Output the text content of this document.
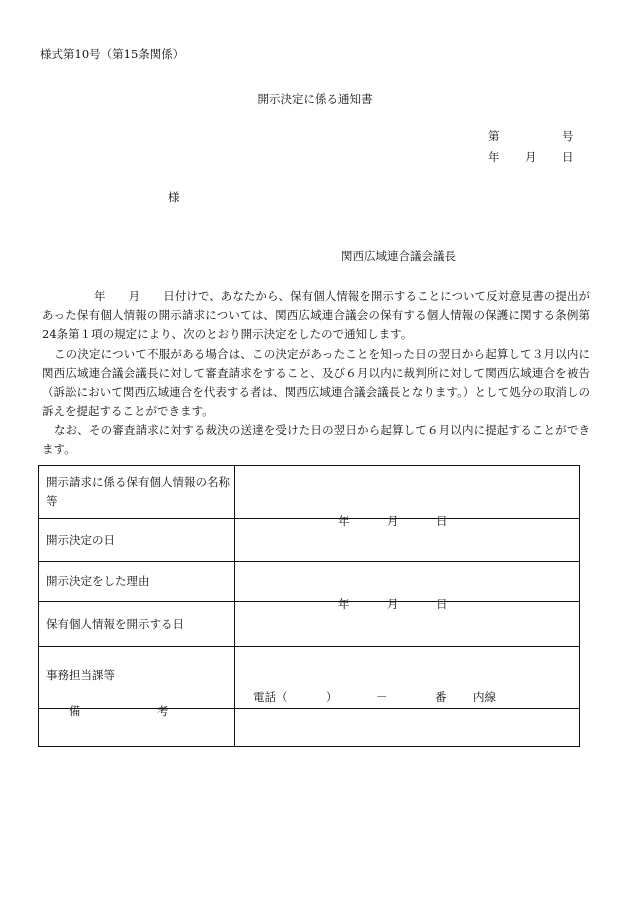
様式第10号（第15条関係）
開示決定に係る通知書
第	号
年 月 日
様
関西広域連合議会議長
年　　月　　日付けで、あなたから、保有個人情報を開示することについて反対意見書の提出があった保有個人情報の開示請求については、関西広域連合議会の保有する個人情報の保護に関する条例第24条第１項の規定により、次のとおり開示決定をしたので通知します。
この決定について不服がある場合は、この決定があったことを知った日の翌日から起算して３月以内に関西広域連合議会議長に対して審査請求をすること、及び６月以内に裁判所に対して関西広域連合を被告（訴訟において関西広域連合を代表する者は、関西広域連合議会議長となります。）として処分の取消しの訴えを提起することができます。
なお、その審査請求に対する裁決の送達を受けた日の翌日から起算して６月以内に提起することができます。
開示請求に係る保有個人情報の名称等	
開示決定の日	年 月 日

開示決定をした理由	
保有個人情報を開示する日	年 月 日

事務担当課等	電話（ ） － 番 内線

備 考	
